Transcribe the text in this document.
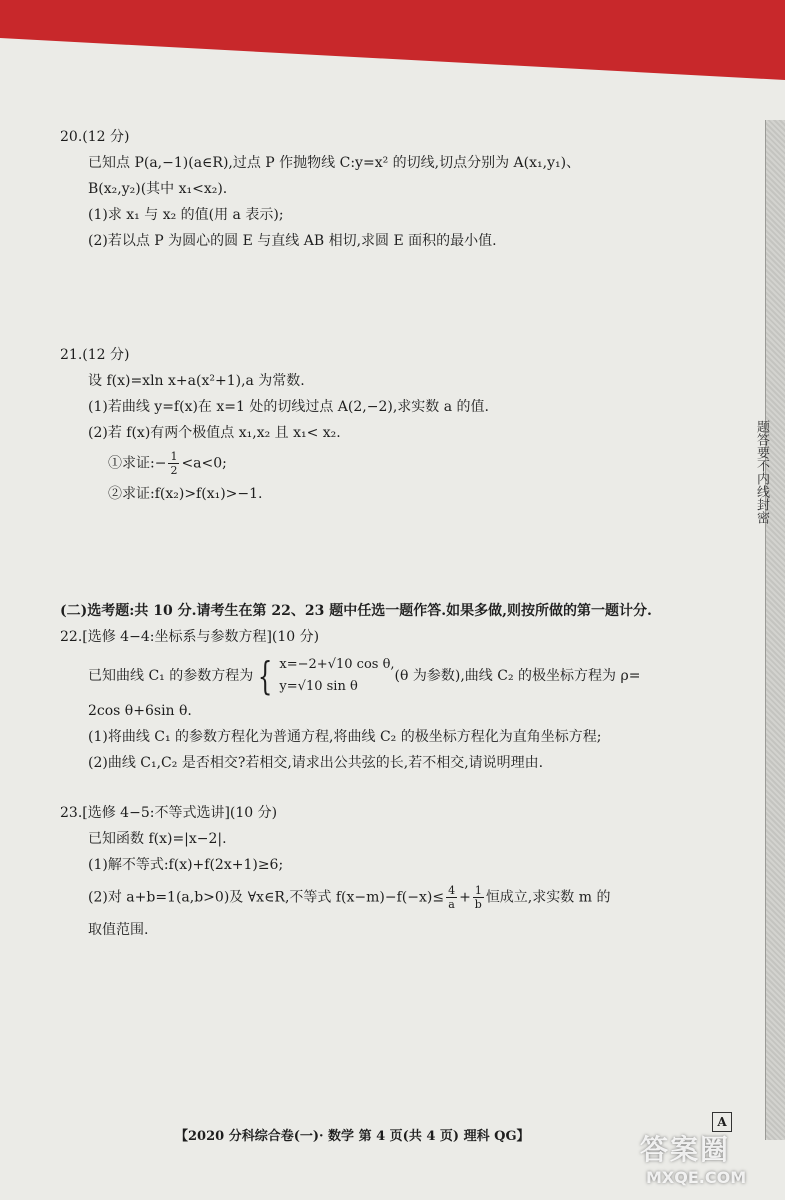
20.(12 分)
已知点 P(a,−1)(a∈R),过点 P 作抛物线 C:y=x² 的切线,切点分别为 A(x₁,y₁)、
B(x₂,y₂)(其中 x₁<x₂).
(1)求 x₁ 与 x₂ 的值(用 a 表示);
(2)若以点 P 为圆心的圆 E 与直线 AB 相切,求圆 E 面积的最小值.
21.(12 分)
设 f(x)=xln x+a(x²+1),a 为常数.
(1)若曲线 y=f(x)在 x=1 处的切线过点 A(2,−2),求实数 a 的值.
(2)若 f(x)有两个极值点 x₁,x₂ 且 x₁< x₂.
①求证:− $\frac{1}{2} <a<0$;
②求证:f(x₂)>f(x₁)>−1.
(二)选考题:共 10 分.请考生在第 22、23 题中任选一题作答.如果多做,则按所做的第一题计分.
22.[选修 4−4:坐标系与参数方程](10 分)
已知曲线 C₁ 的参数方程为 { x=−2+√10 cos θ,
y=√10 sin θ
(θ 为参数),曲线 C₂ 的极坐标方程为 ρ=
2cos θ+6sin θ.
(1)将曲线 C₁ 的参数方程化为普通方程,将曲线 C₂ 的极坐标方程化为直角坐标方程;
(2)曲线 C₁,C₂ 是否相交?若相交,请求出公共弦的长,若不相交,请说明理由.
23.[选修 4−5:不等式选讲](10 分)
已知函数 f(x)=|x−2|.
(1)解不等式:f(x)+f(2x+1)≥6;
(2)对 a+b=1(a,b>0)及 ∀x∈R,不等式 $f(x-m)-f(-x)\le \frac{4}{a} + \frac{1}{b}$ 恒成立,求实数 m 的
取值范围.
【2020 分科综合卷(一)· 数学 第 4 页(共 4 页) 理科 QG】
A
答案圈
MXQE.COM
